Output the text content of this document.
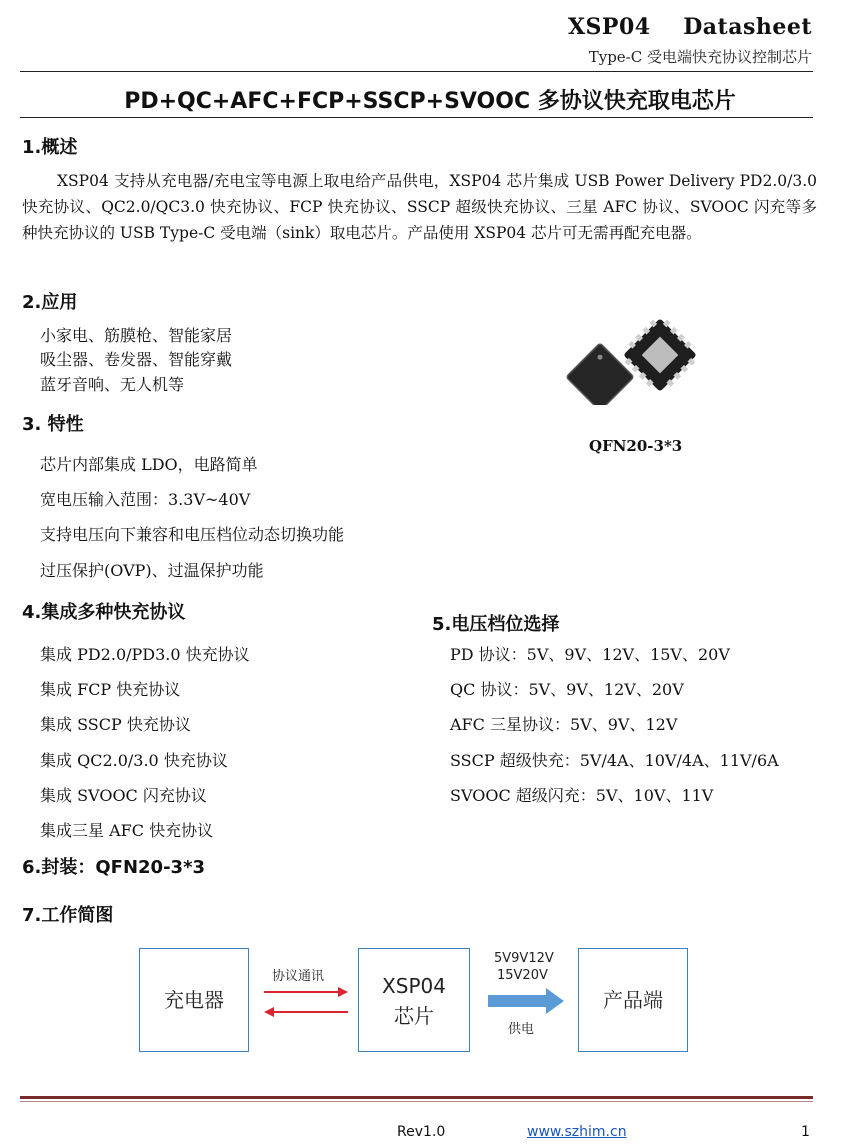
XSP04    Datasheet
Type-C 受电端快充协议控制芯片
PD+QC+AFC+FCP+SSCP+SVOOC 多协议快充取电芯片
1.概述
XSP04 支持从充电器/充电宝等电源上取电给产品供电，XSP04 芯片集成 USB Power Delivery PD2.0/3.0 快充协议、QC2.0/QC3.0 快充协议、FCP 快充协议、SSCP 超级快充协议、三星 AFC 协议、SVOOC 闪充等多种快充协议的 USB Type-C 受电端（sink）取电芯片。产品使用 XSP04 芯片可无需再配充电器。
2.应用
小家电、筋膜枪、智能家居
吸尘器、卷发器、智能穿戴
蓝牙音响、无人机等
QFN20-3*3
3. 特性
芯片内部集成 LDO，电路简单
宽电压输入范围：3.3V~40V
支持电压向下兼容和电压档位动态切换功能
过压保护(OVP)、过温保护功能
4.集成多种快充协议
集成 PD2.0/PD3.0 快充协议
集成 FCP 快充协议
集成 SSCP 快充协议
集成 QC2.0/3.0 快充协议
集成 SVOOC 闪充协议
集成三星 AFC 快充协议
5.电压档位选择
PD 协议：5V、9V、12V、15V、20V
QC 协议：5V、9V、12V、20V
AFC 三星协议：5V、9V、12V
SSCP 超级快充：5V/4A、10V/4A、11V/6A
SVOOC 超级闪充：5V、10V、11V
6.封装：QFN20-3*3
7.工作简图
充电器
XSP04
芯片
产品端
协议通讯
5V9V12V
15V20V
供电
Rev1.0	www.szhim.cn	1
